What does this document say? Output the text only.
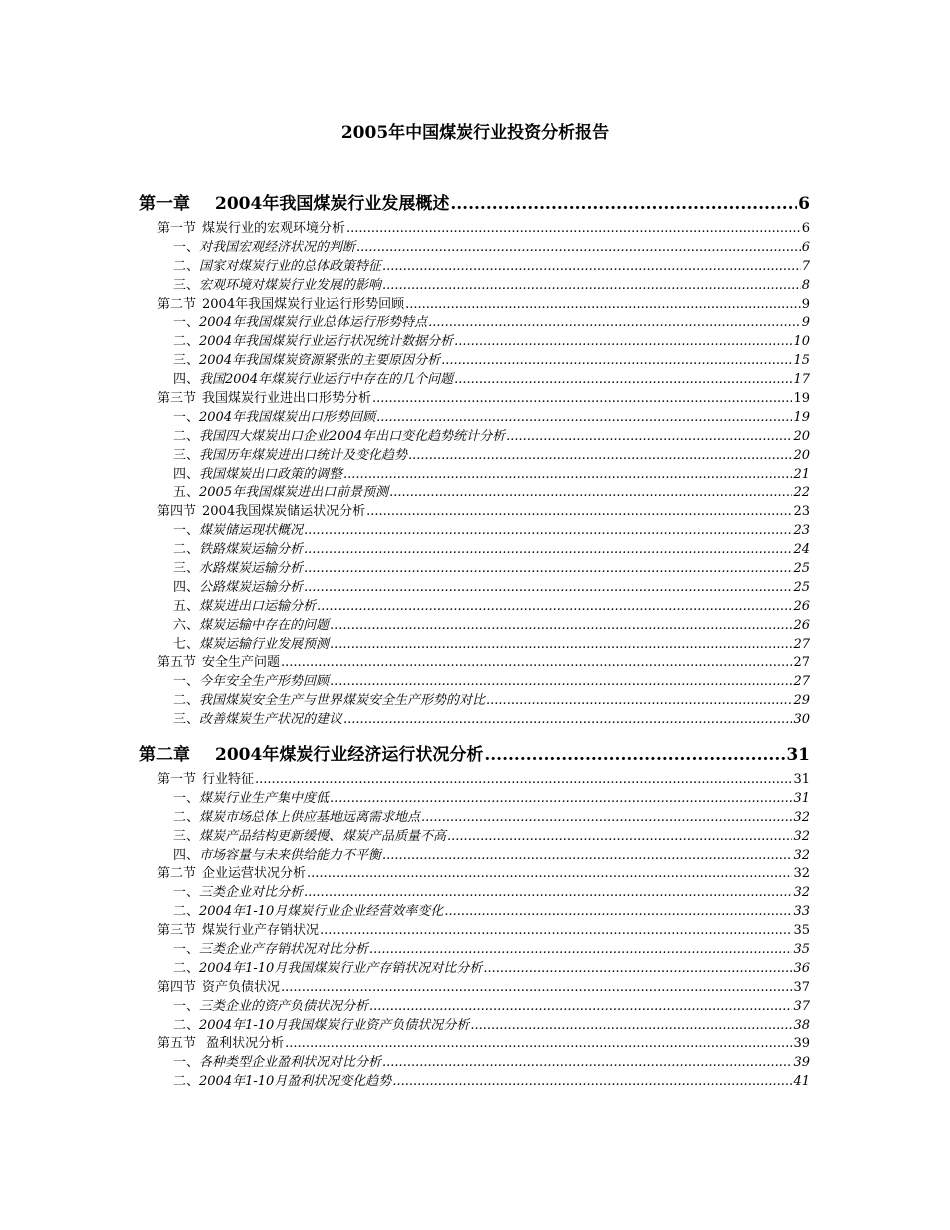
2005年中国煤炭行业投资分析报告
第一章 2004年我国煤炭行业发展概述 .....	6
第一节 煤炭行业的宏观环境分析 .....	6
一、对我国宏观经济状况的判断 .....	6
二、国家对煤炭行业的总体政策特征 .....	7
三、宏观环境对煤炭行业发展的影响 .....	8
第二节 2004年我国煤炭行业运行形势回顾 .....	9
一、2004年我国煤炭行业总体运行形势特点 .....	9
二、2004年我国煤炭行业运行状况统计数据分析 .....	10
三、2004年我国煤炭资源紧张的主要原因分析 .....	15
四、我国2004年煤炭行业运行中存在的几个问题 .....	17
第三节 我国煤炭行业进出口形势分析 .....	19
一、2004年我国煤炭出口形势回顾 .....	19
二、我国四大煤炭出口企业2004年出口变化趋势统计分析 .....	20
三、我国历年煤炭进出口统计及变化趋势 .....	20
四、我国煤炭出口政策的调整 .....	21
五、2005年我国煤炭进出口前景预测 .....	22
第四节 2004我国煤炭储运状况分析 .....	23
一、煤炭储运现状概况 .....	23
二、铁路煤炭运输分析 .....	24
三、水路煤炭运输分析 .....	25
四、公路煤炭运输分析 .....	25
五、煤炭进出口运输分析 .....	26
六、煤炭运输中存在的问题 .....	26
七、煤炭运输行业发展预测 .....	27
第五节 安全生产问题 .....	27
一、今年安全生产形势回顾 .....	27
二、我国煤炭安全生产与世界煤炭安全生产形势的对比 .....	29
三、改善煤炭生产状况的建议 .....	30
第二章 2004年煤炭行业经济运行状况分析 .....	31
第一节 行业特征 .....	31
一、煤炭行业生产集中度低 .....	31
二、煤炭市场总体上供应基地远离需求地点 .....	32
三、煤炭产品结构更新缓慢、煤炭产品质量不高 .....	32
四、市场容量与未来供给能力不平衡 .....	32
第二节 企业运营状况分析 .....	32
一、三类企业对比分析 .....	32
二、2004年1-10月煤炭行业企业经营效率变化 .....	33
第三节 煤炭行业产存销状况 .....	35
一、三类企业产存销状况对比分析 .....	35
二、2004年1-10月我国煤炭行业产存销状况对比分析 .....	36
第四节 资产负债状况 .....	37
一、三类企业的资产负债状况分析 .....	37
二、2004年1-10月我国煤炭行业资产负债状况分析 .....	38
第五节 盈利状况分析 .....	39
一、各种类型企业盈利状况对比分析 .....	39
二、2004年1-10月盈利状况变化趋势 .....	41
